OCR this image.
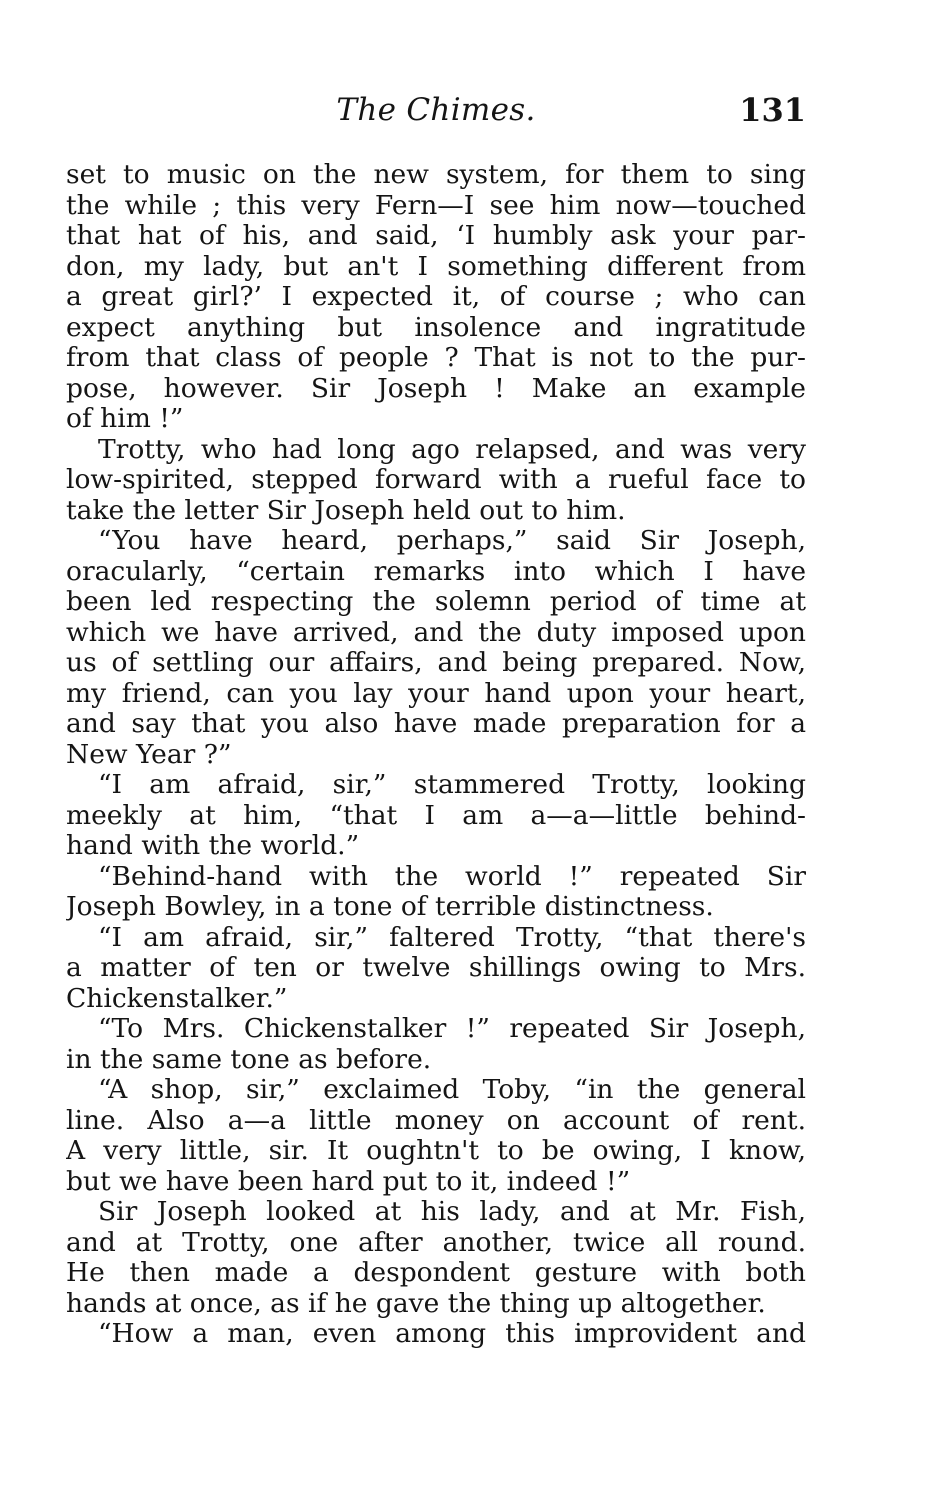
The Chimes.	131
set to music on the new system, for them to sing
the while ; this very Fern—I see him now—touched
that hat of his, and said, ‘I humbly ask your par-
don, my lady, but an't I something different from
a great girl?’ I expected it, of course ; who can
expect anything but insolence and ingratitude
from that class of people ? That is not to the pur-
pose, however. Sir Joseph ! Make an example
of him !”
Trotty, who had long ago relapsed, and was very
low-spirited, stepped forward with a rueful face to
take the letter Sir Joseph held out to him.
“You have heard, perhaps,” said Sir Joseph,
oracularly, “certain remarks into which I have
been led respecting the solemn period of time at
which we have arrived, and the duty imposed upon
us of settling our affairs, and being prepared. Now,
my friend, can you lay your hand upon your heart,
and say that you also have made preparation for a
New Year ?”
“I am afraid, sir,” stammered Trotty, looking
meekly at him, “that I am a—a—little behind-
hand with the world.”
“Behind-hand with the world !” repeated Sir
Joseph Bowley, in a tone of terrible distinctness.
“I am afraid, sir,” faltered Trotty, “that there's
a matter of ten or twelve shillings owing to Mrs.
Chickenstalker.”
“To Mrs. Chickenstalker !” repeated Sir Joseph,
in the same tone as before.
“A shop, sir,” exclaimed Toby, “in the general
line. Also a—a little money on account of rent.
A very little, sir. It oughtn't to be owing, I know,
but we have been hard put to it, indeed !”
Sir Joseph looked at his lady, and at Mr. Fish,
and at Trotty, one after another, twice all round.
He then made a despondent gesture with both
hands at once, as if he gave the thing up altogether.
“How a man, even among this improvident and
